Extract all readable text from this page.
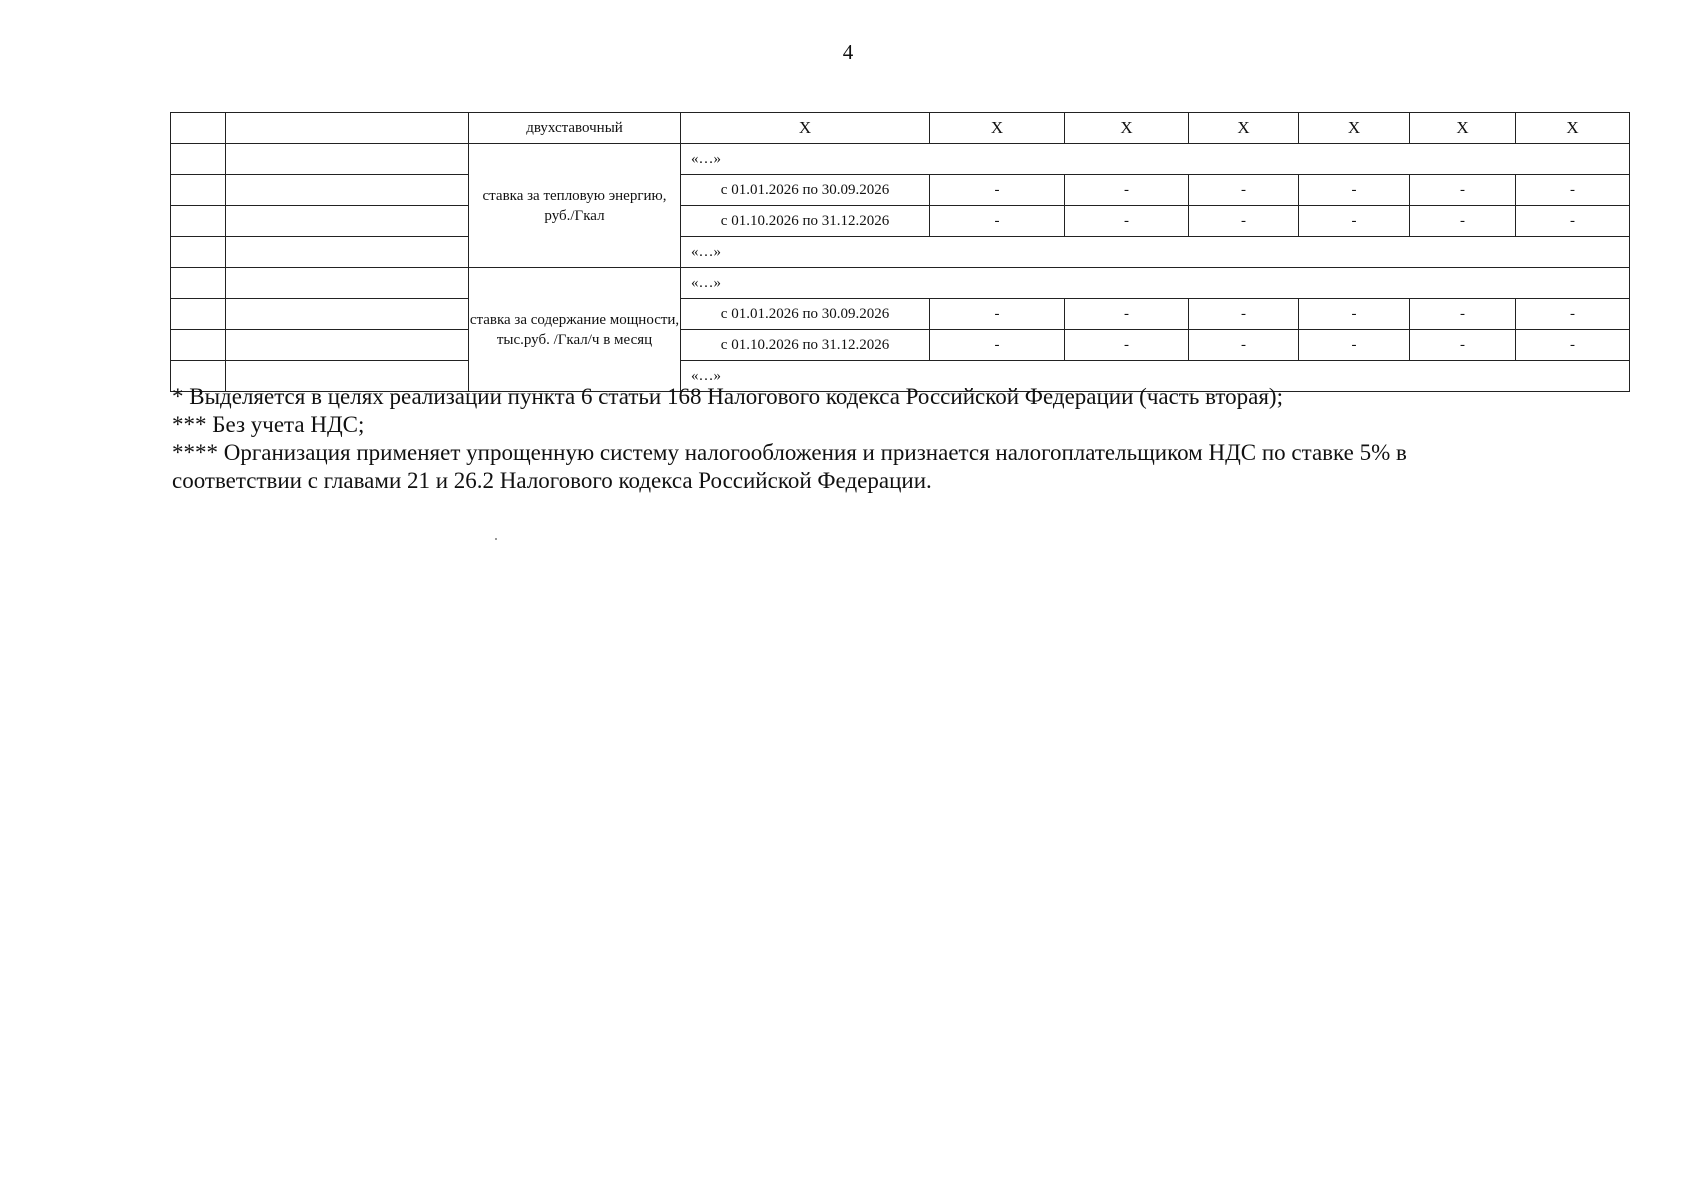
4
		двухставочный	X	X	X	X	X	X	X
		ставка за тепловую энергию, руб./Гкал	«…»						
			с 01.01.2026 по 30.09.2026	-	-	-	-	-	-
			с 01.10.2026 по 31.12.2026	-	-	-	-	-	-
			«…»						
		ставка за содержание мощности, тыс.руб. /Гкал/ч в месяц	«…»						
			с 01.01.2026 по 30.09.2026	-	-	-	-	-	-
			с 01.10.2026 по 31.12.2026	-	-	-	-	-	-
			«…»						

* Выделяется в целях реализации пункта 6 статьи 168 Налогового кодекса Российской Федерации (часть вторая);

*** Без учета НДС;

**** Организация применяет упрощенную систему налогообложения и признается налогоплательщиком НДС по ставке 5% в соответствии с главами 21 и 26.2 Налогового кодекса Российской Федерации.
